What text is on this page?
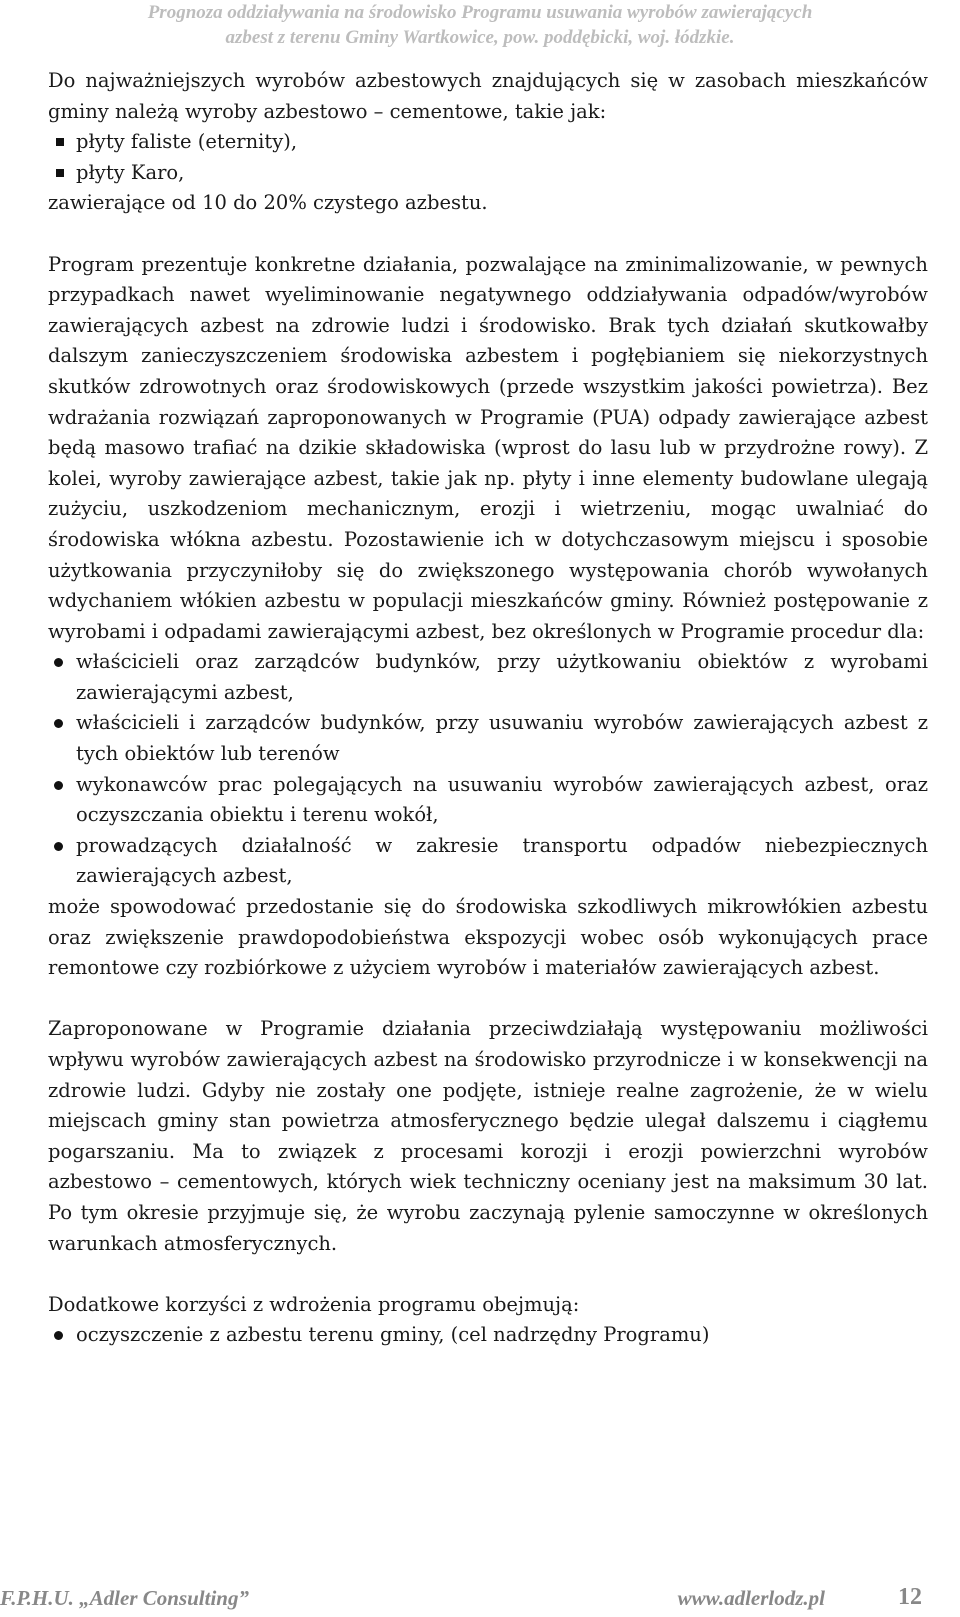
Prognoza oddziaływania na środowisko Programu usuwania wyrobów zawierających
azbest z terenu Gminy Wartkowice, pow. poddębicki, woj. łódzkie.

Do najważniejszych wyrobów azbestowych znajdujących się w zasobach mieszkańców gminy należą wyroby azbestowo – cementowe, takie jak:

płyty faliste (eternity),
płyty Karo,

zawierające od 10 do 20% czystego azbestu.

Program prezentuje konkretne działania, pozwalające na zminimalizowanie, w pewnych przypadkach nawet wyeliminowanie negatywnego oddziaływania odpadów/wyrobów zawierających azbest na zdrowie ludzi i środowisko. Brak tych działań skutkowałby dalszym zanieczyszczeniem środowiska azbestem i pogłębianiem się niekorzystnych skutków zdrowotnych oraz środowiskowych (przede wszystkim jakości powietrza). Bez wdrażania rozwiązań zaproponowanych w Programie (PUA) odpady zawierające azbest będą masowo trafiać na dzikie składowiska (wprost do lasu lub w przydrożne rowy). Z kolei, wyroby zawierające azbest, takie jak np. płyty i inne elementy budowlane ulegają zużyciu, uszkodzeniom mechanicznym, erozji i wietrzeniu, mogąc uwalniać do środowiska włókna azbestu. Pozostawienie ich w dotychczasowym miejscu i sposobie użytkowania przyczyniłoby się do zwiększonego występowania chorób wywołanych wdychaniem włókien azbestu w populacji mieszkańców gminy. Również postępowanie z wyrobami i odpadami zawierającymi azbest, bez określonych w Programie procedur dla:

właścicieli oraz zarządców budynków, przy użytkowaniu obiektów z wyrobami zawierającymi azbest,
właścicieli i zarządców budynków, przy usuwaniu wyrobów zawierających azbest z tych obiektów lub terenów
wykonawców prac polegających na usuwaniu wyrobów zawierających azbest, oraz oczyszczania obiektu i terenu wokół,
prowadzących działalność w zakresie transportu odpadów niebezpiecznych zawierających azbest,

może spowodować przedostanie się do środowiska szkodliwych mikrowłókien azbestu oraz zwiększenie prawdopodobieństwa ekspozycji wobec osób wykonujących prace remontowe czy rozbiórkowe z użyciem wyrobów i materiałów zawierających azbest.

Zaproponowane w Programie działania przeciwdziałają występowaniu możliwości wpływu wyrobów zawierających azbest na środowisko przyrodnicze i w konsekwencji na zdrowie ludzi. Gdyby nie zostały one podjęte, istnieje realne zagrożenie, że w wielu miejscach gminy stan powietrza atmosferycznego będzie ulegał dalszemu i ciągłemu pogarszaniu. Ma to związek z procesami korozji i erozji powierzchni wyrobów azbestowo – cementowych, których wiek techniczny oceniany jest na maksimum 30 lat. Po tym okresie przyjmuje się, że wyrobu zaczynają pylenie samoczynne w określonych warunkach atmosferycznych.

Dodatkowe korzyści z wdrożenia programu obejmują:

oczyszczenie z azbestu terenu gminy, (cel nadrzędny Programu)
F.P.H.U. „Adler Consulting”	www.adlerlodz.pl	12
